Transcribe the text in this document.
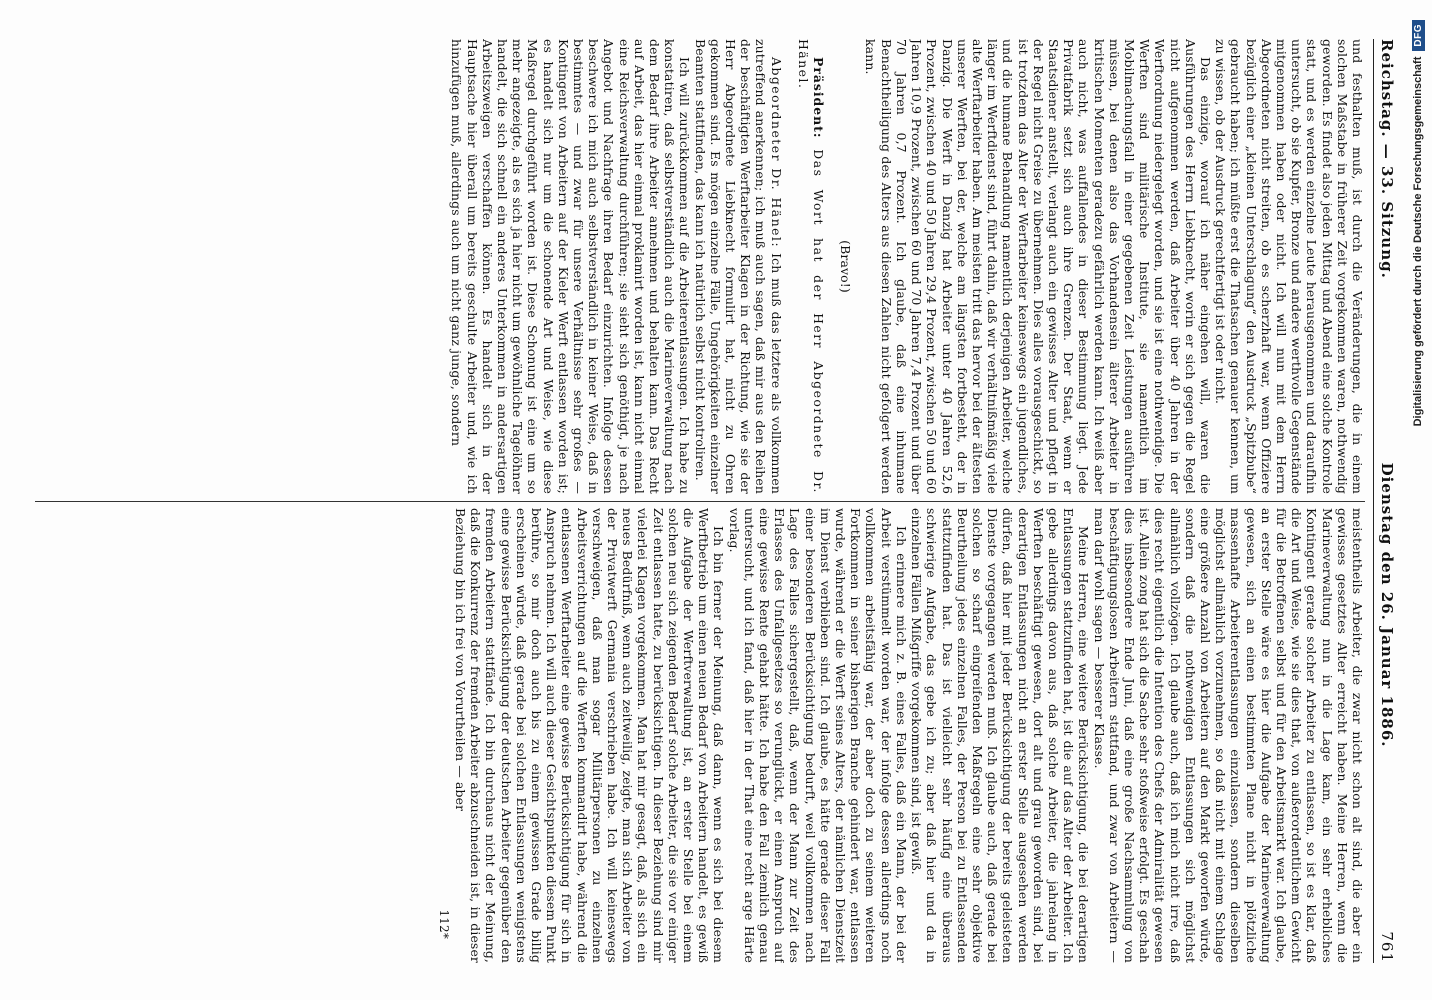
Reichstag. — 33. Sitzung.
Dienstag den 26. Januar 1886.
761

und festhalten muß, ist durch die Veränderungen, die in einem solchen Maßstabe in früherer Zeit vorgekommen waren, nothwendig geworden. Es findet also jeden Mittag und Abend eine solche Kontrole statt, und es werden einzelne Leute herausgenommen und daraufhin untersucht, ob sie Kupfer, Bronze und andere werthvolle Gegenstände mitgenommen haben oder nicht. Ich will nun mit dem Herrn Abgeordneten nicht streiten, ob es scherzhaft war, wenn Offiziere bezüglich einer „kleinen Unterschlagung“ den Ausdruck „Spitzbube“ gebraucht haben; ich müßte erst die Thatsachen genauer kennen, um zu wissen, ob der Ausdruck gerechtfertigt ist oder nicht.

Das einzige, worauf ich näher eingehen will, waren die Ausführungen des Herrn Liebknecht, worin er sich gegen die Regel nicht aufgenommen werden, daß Arbeiter über 40 Jahren in der Werftordnung niedergelegt worden, und sie ist eine nothwendige. Die Werften sind militärische Institute, sie namentlich im Mobilmachungsfall in einer gegebenen Zeit Leistungen ausführen müssen, bei denen also das Vorhandensein älterer Arbeiter in kritischen Momenten geradezu gefährlich werden kann. Ich weiß aber auch nicht, was auffallendes in dieser Bestimmung liegt. Jede Privatfabrik setzt sich auch ihre Grenzen. Der Staat, wenn er Staatsdiener anstellt, verlangt auch ein gewisses Alter und pflegt in der Regel nicht Greise zu übernehmen. Dies alles vorausgeschickt, so ist trotzdem das Alter der Werftarbeiter keineswegs ein jugendliches, und die humane Behandlung namentlich derjenigen Arbeiter, welche länger im Werftdienst sind, führt dahin, daß wir verhältnißmäßig viele alte Werftarbeiter haben. Am meisten tritt das hervor bei der ältesten unserer Werften, bei der, welche am längsten fortbesteht, der in Danzig. Die Werft in Danzig hat Arbeiter unter 40 Jahren 52,6 Prozent, zwischen 40 und 50 Jahren 29,4 Prozent, zwischen 50 und 60 Jahren 10,9 Prozent, zwischen 60 und 70 Jahren 7,4 Prozent und über 70 Jahren 0,7 Prozent. Ich glaube, daß eine inhumane Benachtheiligung des Alters aus diesen Zahlen nicht gefolgert werden kann.

(Bravo!)

Präsident: Das Wort hat der Herr Abgeordnete Dr. Hänel.

Abgeordneter Dr. Hänel: Ich muß das letztere als vollkommen zutreffend anerkennen; ich muß auch sagen, daß mir aus den Reihen der beschäftigten Werftarbeiter Klagen in der Richtung, wie sie der Herr Abgeordnete Liebknecht formulirt hat, nicht zu Ohren gekommen sind. Es mögen einzelne Fälle, Ungehörigkeiten einzelner Beamten stattfinden, das kann ich natürlich selbst nicht kontroliren.

Ich will zurückkommen auf die Arbeiterentlassungen. Ich habe zu konstatiren, daß selbstverständlich auch die Marineverwaltung nach dem Bedarf ihre Arbeiter annehmen und behalten kann. Das Recht auf Arbeit, das hier einmal proklamirt worden ist, kann nicht einmal eine Reichsverwaltung durchführen; sie sieht sich genöthigt, je nach Angebot und Nachfrage ihren Bedarf einzurichten. Infolge dessen beschwere ich mich auch selbstverständlich in keiner Weise, daß in bestimmtes — und zwar für unsere Verhältnisse sehr großes — Kontingent von Arbeitern auf der Kieler Werft entlassen worden ist; es handelt sich nur um die schonende Art und Weise, wie diese Maßregel durchgeführt worden ist. Diese Schonung ist eine um so mehr angezeigte, als es sich ja hier nicht um gewöhnliche Tagelöhner handelt, die sich schnell ein anderes Unterkommen in andersartigen Arbeitszweigen verschaffen können. Es handelt sich in der Hauptsache hier überall um bereits geschulte Arbeiter und, wie ich hinzufügen muß, allerdings auch um nicht ganz junge, sondern

meistentheils Arbeiter, die zwar nicht schon alt sind, die aber ein gewisses gesetztes Alter erreicht haben. Meine Herren, wenn die Marineverwaltung nun in die Lage kam, ein sehr erhebliches Kontingent gerade solcher Arbeiter zu entlassen, so ist es klar, daß die Art und Weise, wie sie dies that, von außerordentlichem Gewicht für die Betroffenen selbst und für den Arbeitsmarkt war. Ich glaube, an erster Stelle wäre es hier die Aufgabe der Marineverwaltung gewesen, sich an einen bestimmten Plane nicht in plötzliche massenhafte Arbeiterentlassungen einzulassen, sondern dieselben möglichst allmählich vorzunehmen, so daß nicht mit einem Schlage eine größere Anzahl von Arbeitern auf den Markt geworfen würde, sondern daß die nothwendigen Entlassungen sich möglichst allmählich vollzögen. Ich glaube auch, daß ich mich nicht irre, daß dies recht eigentlich die Intention des Chefs der Admiralität gewesen ist. Allein zong hat sich die Sache sehr stoßweise erfolgt. Es geschah dies insbesondere Ende Juni, daß eine große Nachsammlung von beschäftigungslosen Arbeitern stattfand, und zwar von Arbeitern — man darf wohl sagen — besserer Klasse.

Meine Herren, eine weitere Berücksichtigung, die bei derartigen Entlassungen stattzufinden hat, ist die auf das Alter der Arbeiter. Ich gebe allerdings davon aus, daß solche Arbeiter, die jahrelang in Werften beschäftigt gewesen, dort alt und grau geworden sind, bei derartigen Entlassungen nicht an erster Stelle ausgesehen werden dürfen, daß hier mit jeder Berücksichtigung der bereits geleisteten Dienste vorgegangen werden muß. Ich glaube auch, daß gerade bei solchen so scharf eingreifenden Maßregeln eine sehr objektive Beurtheilung jedes einzelnen Falles, der Person bei zu Entlassenden stattzufinden hat. Das ist vielleicht sehr häufig eine überaus schwierige Aufgabe, das gebe ich zu; aber daß hier und da in einzelnen Fällen Mißgriffe vorgekommen sind, ist gewiß.

Ich erinnere mich z. B. eines Falles, daß ein Mann, der bei der Arbeit verstümmelt worden war, der infolge dessen allerdings noch vollkommen arbeitsfähig war, der aber doch zu seinem weiteren Fortkommen in seiner bisherigen Branche gehindert war, entlassen wurde, während er die Werft seines Alters, der nämlichen Dienstzeit im Dienst verblieben sind. Ich glaube, es hätte gerade dieser Fall einer besonderen Berücksichtigung bedurft, weil vollkommen nach Lage des Falles sichergestellt, daß, wenn der Mann zur Zeit des Erlasses des Unfallgesetzes so verunglückt, er einen Anspruch auf eine gewisse Rente gehabt hätte. Ich habe den Fall ziemlich genau untersucht, und ich fand, daß hier in der That eine recht arge Härte vorlag.

Ich bin ferner der Meinung, daß dann, wenn es sich bei diesem Werftbetrieb um einen neuen Bedarf von Arbeitern handelt, es gewiß die Aufgabe der Werftverwaltung ist, an erster Stelle bei einem solchen neu sich zeigenden Bedarf solche Arbeiter, die sie vor einiger Zeit entlassen hatte, zu berücksichtigen. In dieser Beziehung sind mir vielerlei Klagen vorgekommen. Man hat mir gesagt, daß, als sich ein neues Bedürfniß, wenn auch zeitweilig, zeigte, man sich Arbeiter von der Privatwerft Germania verschrieben habe. Ich will keineswegs verschweigen, daß man sogar Militärpersonen zu einzelnen Arbeitsverrichtungen auf die Werften kommandirt habe, während die entlassenen Werftarbeiter eine gewisse Berücksichtigung für sich in Anspruch nehmen. Ich will auch dieser Gesichtspunkten diesem Punkt berühre, so mir doch auch bis zu einem gewissen Grade billig erscheinen würde, daß gerade bei solchen Entlassungen wenigstens eine gewisse Berücksichtigung der deutschen Arbeiter gegenüber den fremden Arbeitern stattfände. Ich bin durchaus nicht der Meinung, daß die Konkurrenz der fremden Arbeiter abzuschneiden ist, in dieser Beziehung bin ich frei von Vorurtheilen — aber

112*
Digitalisierung gefördert durch die Deutsche Forschungsgemeinschaft
DFG
